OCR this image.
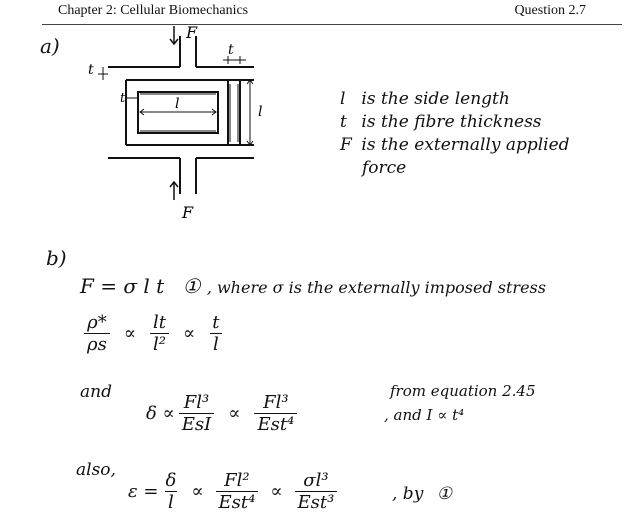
Chapter 2: Cellular Biomechanics	Question 2.7
a)
F
F
t
t
t	l	l
l is the side length
t is the fibre thickness
F is the externally applied
force
b)
F = σ l t ① , where σ is the externally imposed stress
$\frac{\rho*}{\rho s} \propto \frac{lt}{\text{l²}} \propto \frac{t}{l}$
and
$\delta \propto \frac{\text{Fl³}}{\text{EsI}} \propto \frac{\text{Fl³}}{\text{Est⁴}}$
from equation 2.45
, and I ∝ t⁴
also,
$\varepsilon = \frac{\delta}{l} \propto \frac{\text{Fl²}}{\text{Est⁴}} \propto \frac{\text{σl³}}{\text{Est³}}$	, by ①
